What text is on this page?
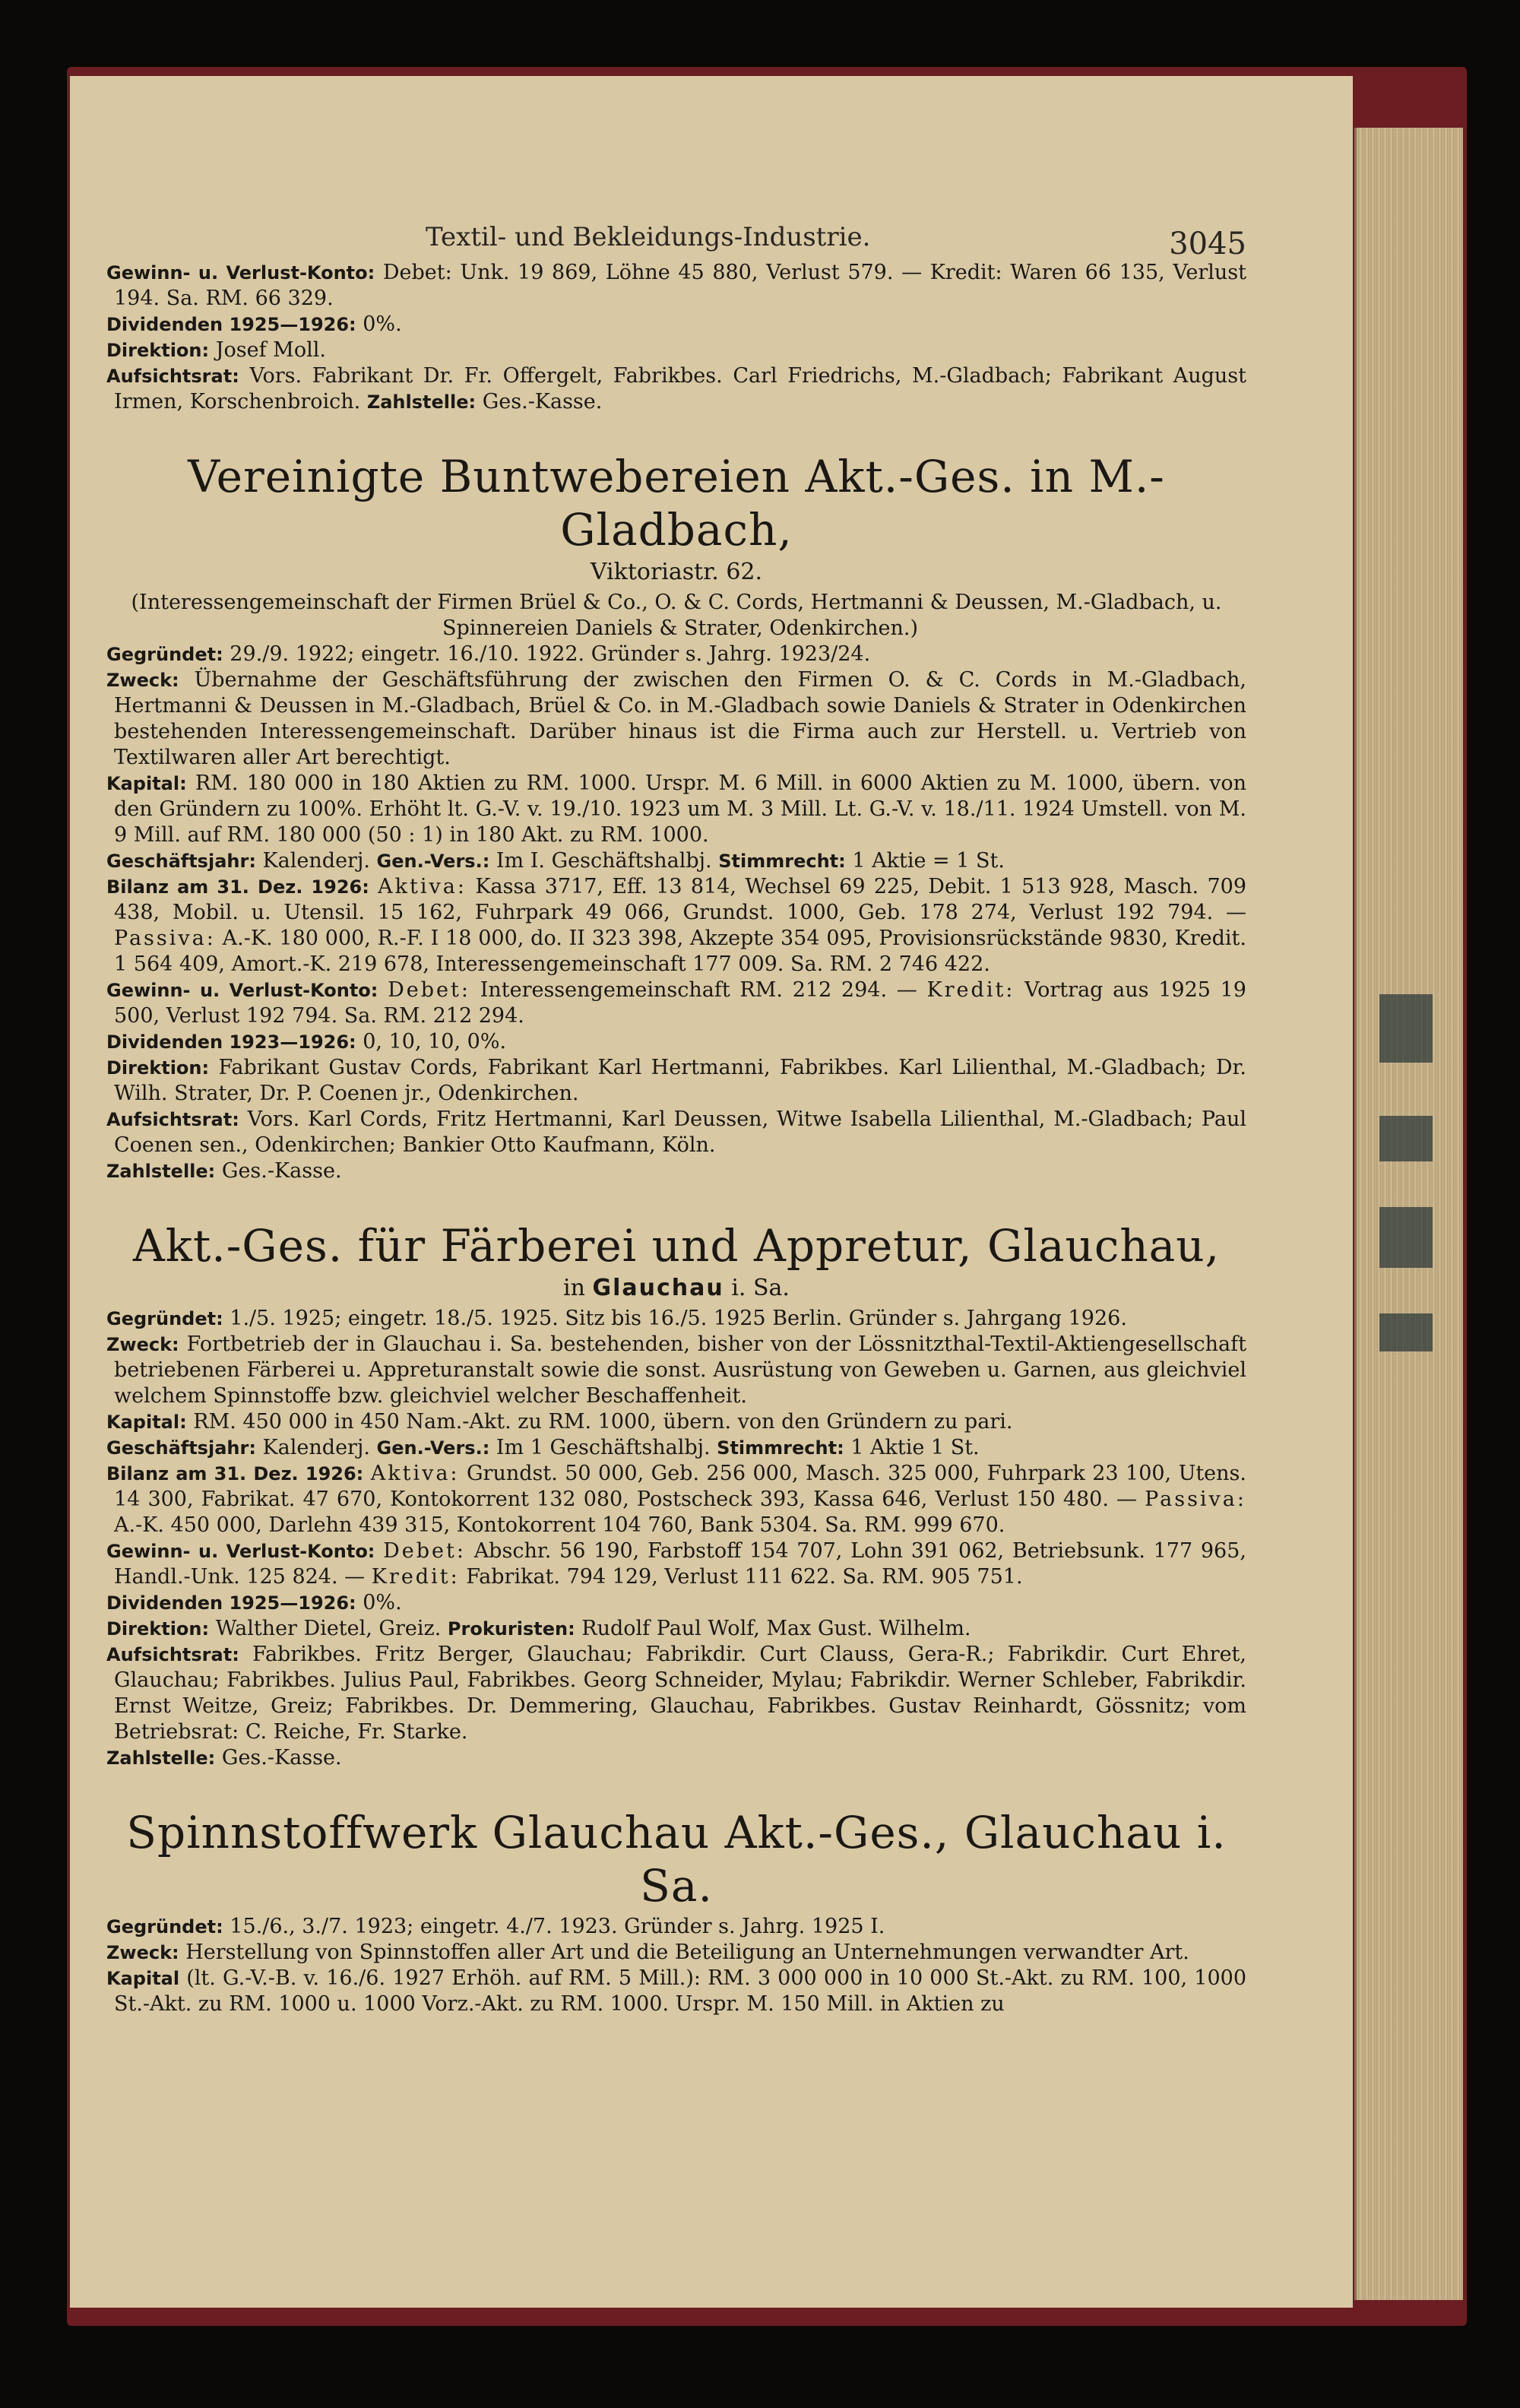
Textil- und Bekleidungs-Industrie.	3045

Gewinn- u. Verlust-Konto: Debet: Unk. 19 869, Löhne 45 880, Verlust 579. — Kredit: Waren 66 135, Verlust 194. Sa. RM. 66 329.

Dividenden 1925—1926: 0%.

Direktion: Josef Moll.

Aufsichtsrat: Vors. Fabrikant Dr. Fr. Offergelt, Fabrikbes. Carl Friedrichs, M.-Gladbach; Fabrikant August Irmen, Korschenbroich. Zahlstelle: Ges.-Kasse.

Vereinigte Buntwebereien Akt.-Ges. in M.-Gladbach,
Viktoriastr. 62.

(Interessengemeinschaft der Firmen Brüel & Co., O. & C. Cords, Hertmanni & Deussen, M.-Gladbach, u. Spinnereien Daniels & Strater, Odenkirchen.)

Gegründet: 29./9. 1922; eingetr. 16./10. 1922. Gründer s. Jahrg. 1923/24.

Zweck: Übernahme der Geschäftsführung der zwischen den Firmen O. & C. Cords in M.-Gladbach, Hertmanni & Deussen in M.-Gladbach, Brüel & Co. in M.-Gladbach sowie Daniels & Strater in Odenkirchen bestehenden Interessengemeinschaft. Darüber hinaus ist die Firma auch zur Herstell. u. Vertrieb von Textilwaren aller Art berechtigt.

Kapital: RM. 180 000 in 180 Aktien zu RM. 1000. Urspr. M. 6 Mill. in 6000 Aktien zu M. 1000, übern. von den Gründern zu 100%. Erhöht lt. G.-V. v. 19./10. 1923 um M. 3 Mill. Lt. G.-V. v. 18./11. 1924 Umstell. von M. 9 Mill. auf RM. 180 000 (50 : 1) in 180 Akt. zu RM. 1000.

Geschäftsjahr: Kalenderj. Gen.-Vers.: Im I. Geschäftshalbj. Stimmrecht: 1 Aktie = 1 St.

Bilanz am 31. Dez. 1926: Aktiva: Kassa 3717, Eff. 13 814, Wechsel 69 225, Debit. 1 513 928, Masch. 709 438, Mobil. u. Utensil. 15 162, Fuhrpark 49 066, Grundst. 1000, Geb. 178 274, Verlust 192 794. — Passiva: A.-K. 180 000, R.-F. I 18 000, do. II 323 398, Akzepte 354 095, Provisionsrückstände 9830, Kredit. 1 564 409, Amort.-K. 219 678, Interessengemeinschaft 177 009. Sa. RM. 2 746 422.

Gewinn- u. Verlust-Konto: Debet: Interessengemeinschaft RM. 212 294. — Kredit: Vortrag aus 1925 19 500, Verlust 192 794. Sa. RM. 212 294.

Dividenden 1923—1926: 0, 10, 10, 0%.

Direktion: Fabrikant Gustav Cords, Fabrikant Karl Hertmanni, Fabrikbes. Karl Lilienthal, M.-Gladbach; Dr. Wilh. Strater, Dr. P. Coenen jr., Odenkirchen.

Aufsichtsrat: Vors. Karl Cords, Fritz Hertmanni, Karl Deussen, Witwe Isabella Lilienthal, M.-Gladbach; Paul Coenen sen., Odenkirchen; Bankier Otto Kaufmann, Köln.

Zahlstelle: Ges.-Kasse.

Akt.-Ges. für Färberei und Appretur, Glauchau,
in Glauchau i. Sa.

Gegründet: 1./5. 1925; eingetr. 18./5. 1925. Sitz bis 16./5. 1925 Berlin. Gründer s. Jahrgang 1926.

Zweck: Fortbetrieb der in Glauchau i. Sa. bestehenden, bisher von der Lössnitzthal-Textil-Aktiengesellschaft betriebenen Färberei u. Appreturanstalt sowie die sonst. Ausrüstung von Geweben u. Garnen, aus gleichviel welchem Spinnstoffe bzw. gleichviel welcher Beschaffenheit.

Kapital: RM. 450 000 in 450 Nam.-Akt. zu RM. 1000, übern. von den Gründern zu pari.

Geschäftsjahr: Kalenderj. Gen.-Vers.: Im 1 Geschäftshalbj. Stimmrecht: 1 Aktie 1 St.

Bilanz am 31. Dez. 1926: Aktiva: Grundst. 50 000, Geb. 256 000, Masch. 325 000, Fuhrpark 23 100, Utens. 14 300, Fabrikat. 47 670, Kontokorrent 132 080, Postscheck 393, Kassa 646, Verlust 150 480. — Passiva: A.-K. 450 000, Darlehn 439 315, Kontokorrent 104 760, Bank 5304. Sa. RM. 999 670.

Gewinn- u. Verlust-Konto: Debet: Abschr. 56 190, Farbstoff 154 707, Lohn 391 062, Betriebsunk. 177 965, Handl.-Unk. 125 824. — Kredit: Fabrikat. 794 129, Verlust 111 622. Sa. RM. 905 751.

Dividenden 1925—1926: 0%.

Direktion: Walther Dietel, Greiz. Prokuristen: Rudolf Paul Wolf, Max Gust. Wilhelm.

Aufsichtsrat: Fabrikbes. Fritz Berger, Glauchau; Fabrikdir. Curt Clauss, Gera-R.; Fabrikdir. Curt Ehret, Glauchau; Fabrikbes. Julius Paul, Fabrikbes. Georg Schneider, Mylau; Fabrikdir. Werner Schleber, Fabrikdir. Ernst Weitze, Greiz; Fabrikbes. Dr. Demmering, Glauchau, Fabrikbes. Gustav Reinhardt, Gössnitz; vom Betriebsrat: C. Reiche, Fr. Starke.

Zahlstelle: Ges.-Kasse.

Spinnstoffwerk Glauchau Akt.-Ges., Glauchau i. Sa.

Gegründet: 15./6., 3./7. 1923; eingetr. 4./7. 1923. Gründer s. Jahrg. 1925 I.

Zweck: Herstellung von Spinnstoffen aller Art und die Beteiligung an Unternehmungen verwandter Art.

Kapital (lt. G.-V.-B. v. 16./6. 1927 Erhöh. auf RM. 5 Mill.): RM. 3 000 000 in 10 000 St.-Akt. zu RM. 100, 1000 St.-Akt. zu RM. 1000 u. 1000 Vorz.-Akt. zu RM. 1000. Urspr. M. 150 Mill. in Aktien zu
